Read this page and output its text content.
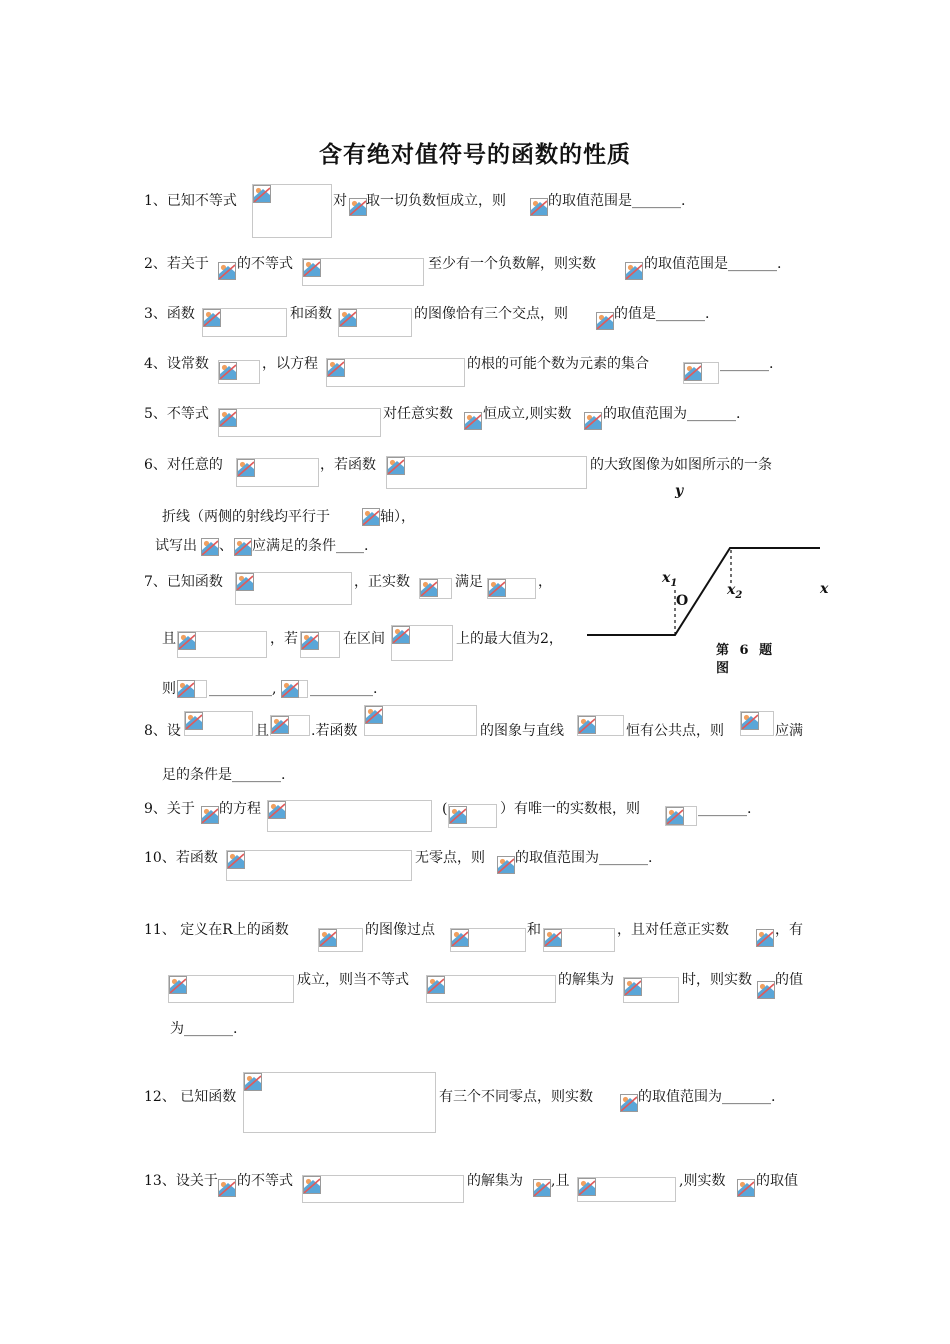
含有绝对值符号的函数的性质
1、已知不等式	对 取一切负数恒成立，则	的取值范围是_______.
2、若关于 的不等式	至少有一个负数解，则实数	的取值范围是_______.
3、函数	和函数	的图像恰有三个交点，则	的值是_______.
4、设常数	，以方程	的根的可能个数为元素的集合	_______.
5、不等式	对任意实数 恒成立,则实数 的取值范围为_______.
6、对任意的	，若函数	的大致图像为如图所示的一条
折线（两侧的射线均平行于	轴），
试写出 、 应满足的条件____.
y
$x_1$
O
$x_2$	x
第 6 题
图
7、已知函数	，正实数	满足	，
且	，若	在区间	上的最大值为2，
则 _________, _________.
8、设	且	.若函数	的图象与直线	恒有公共点，则	应满
足的条件是_______.
9、关于 的方程	(	）有唯一的实数根，则	_______.
10、若函数	无零点，则 的取值范围为_______.
11、 定义在R上的函数	的图像过点	和	，且对任意正实数	，有
成立，则当不等式	的解集为	时，则实数 的值
为_______.
12、 已知函数	有三个不同零点，则实数	的取值范围为_______.
13、设关于 的不等式	的解集为 ,且	,则实数 的取值
